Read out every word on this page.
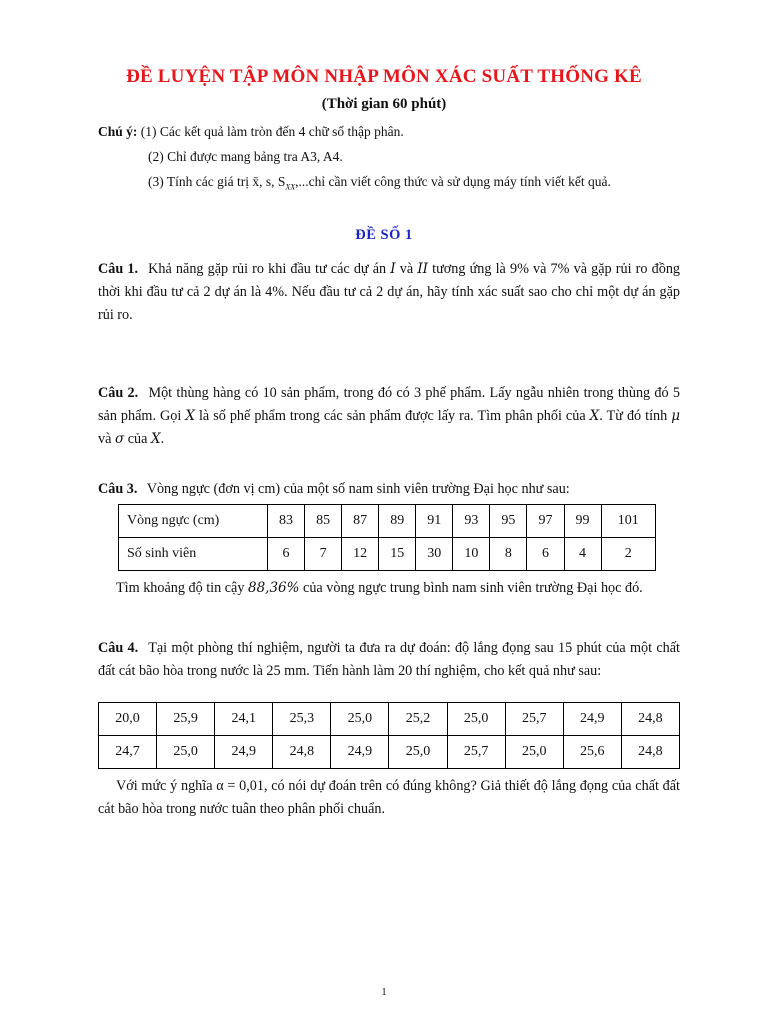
ĐỀ LUYỆN TẬP MÔN NHẬP MÔN XÁC SUẤT THỐNG KÊ
(Thời gian 60 phút)
Chú ý: (1) Các kết quả làm tròn đến 4 chữ số thập phân.
(2) Chỉ được mang bảng tra A3, A4.
(3) Tính các giá trị x̄, s, $S_{XX},...chỉ$ cần viết công thức và sử dụng máy tính viết kết quả.
ĐỀ SỐ 1
Câu 1. Khả năng gặp rủi ro khi đầu tư các dự án I và II tương ứng là 9% và 7% và gặp rủi ro đồng thời khi đầu tư cả 2 dự án là 4%. Nếu đầu tư cả 2 dự án, hãy tính xác suất sao cho chỉ một dự án gặp rủi ro.
Câu 2. Một thùng hàng có 10 sản phẩm, trong đó có 3 phế phẩm. Lấy ngẫu nhiên trong thùng đó 5 sản phẩm. Gọi X là số phế phẩm trong các sản phẩm được lấy ra. Tìm phân phối của X. Từ đó tính μ và σ của X.
Câu 3. Vòng ngực (đơn vị cm) của một số nam sinh viên trường Đại học như sau:
Vòng ngực (cm)	83	85	87	89	91	93	95	97	99	101
Số sinh viên	6	7	12	15	30	10	8	6	4	2
Tìm khoảng độ tin cậy 88,36% của vòng ngực trung bình nam sinh viên trường Đại học đó.
Câu 4. Tại một phòng thí nghiệm, người ta đưa ra dự đoán: độ lắng đọng sau 15 phút của một chất đất cát bão hòa trong nước là 25 mm. Tiến hành làm 20 thí nghiệm, cho kết quả như sau:
20,0	25,9	24,1	25,3	25,0	25,2	25,0	25,7	24,9	24,8
24,7	25,0	24,9	24,8	24,9	25,0	25,7	25,0	25,6	24,8
Với mức ý nghĩa α = 0,01, có nói dự đoán trên có đúng không? Giả thiết độ lắng đọng của chất đất cát bão hòa trong nước tuân theo phân phối chuẩn.
1
